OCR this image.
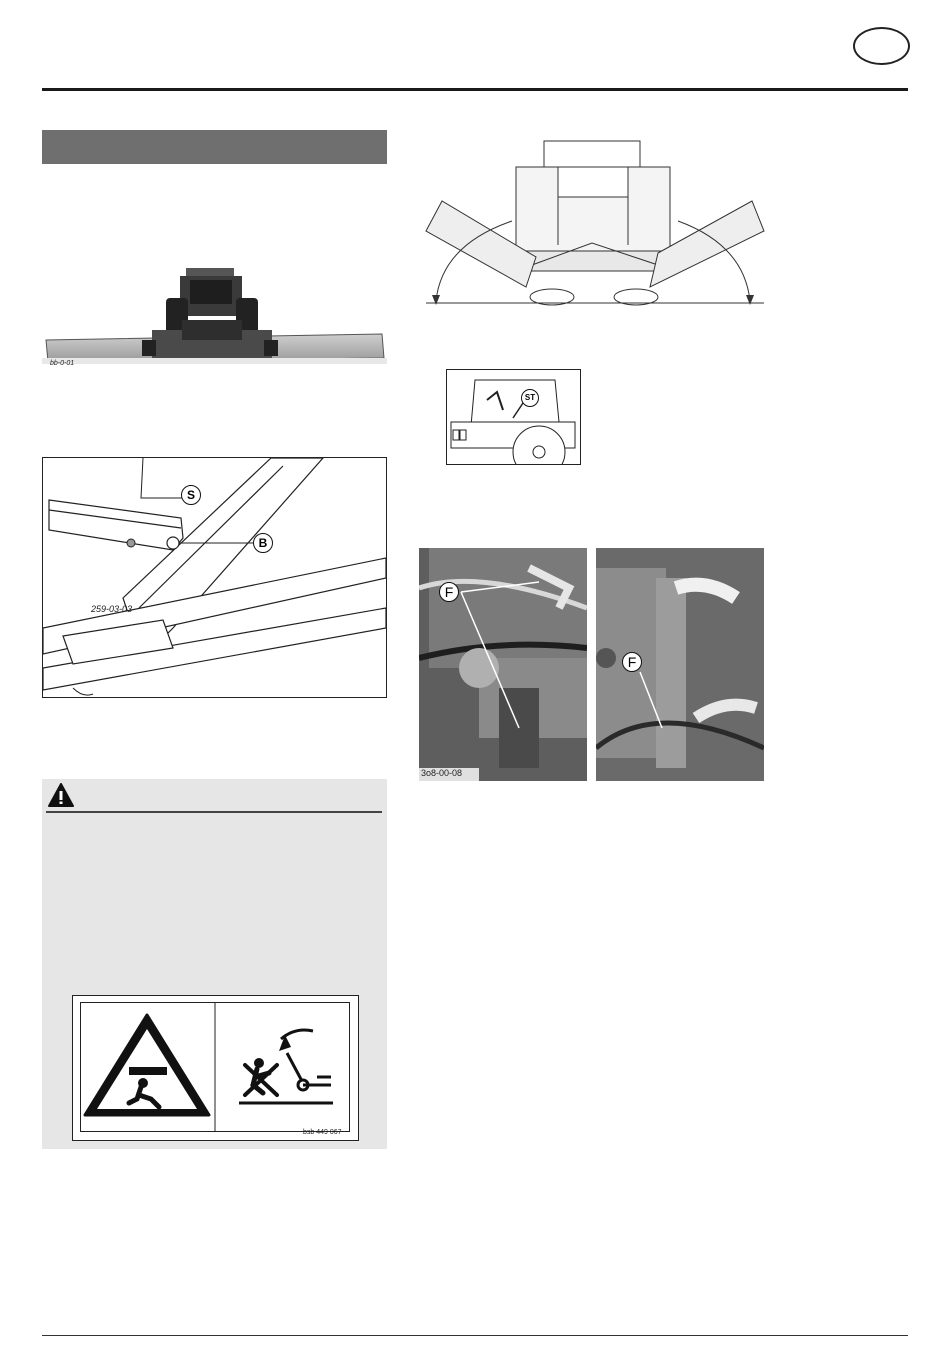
bb-0-01
S
B
259-03-03
bsb 449 067
ST
F
3o8-00-08
F
